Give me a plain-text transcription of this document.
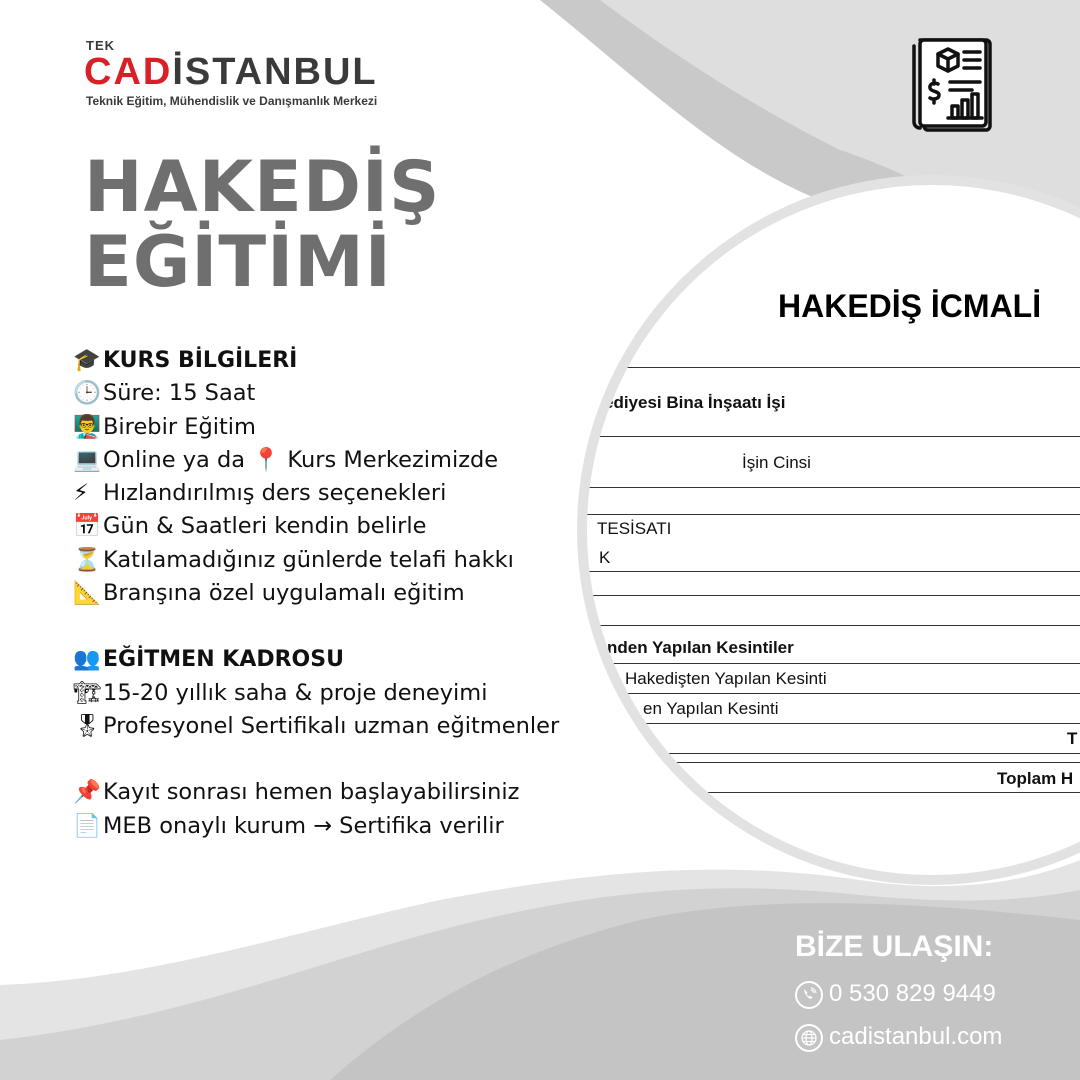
TEK
CADİSTANBUL
Teknik Eğitim, Mühendislik ve Danışmanlık Merkezi
HAKEDİŞ
EĞİTİMİ
🎓 KURS BİLGİLERİ
🕒Süre: 15 Saat
👨‍🏫Birebir Eğitim
💻Online ya da 📍 Kurs Merkezimizde
⚡ Hızlandırılmış ders seçenekleri
📅Gün & Saatleri kendin belirle
⏳Katılamadığınız günlerde telafi hakkı
📐Branşına özel uygulamalı eğitim
👥 EĞİTMEN KADROSU
🏗15-20 yıllık saha & proje deneyimi
🎖Profesyonel Sertifikalı uzman eğitmenler
📌Kayıt sonrası hemen başlayabilirsiniz
📄MEB onaylı kurum → Sertifika verilir
HAKEDİŞ İCMALİ
ediyesi Bina İnşaatı İşi
İşin Cinsi
TESİSATI
K
nden Yapılan Kesintiler
Hakedişten Yapılan Kesinti
en Yapılan Kesinti
T
Toplam H
BİZE ULAŞIN:
0 530 829 9449
cadistanbul.com
